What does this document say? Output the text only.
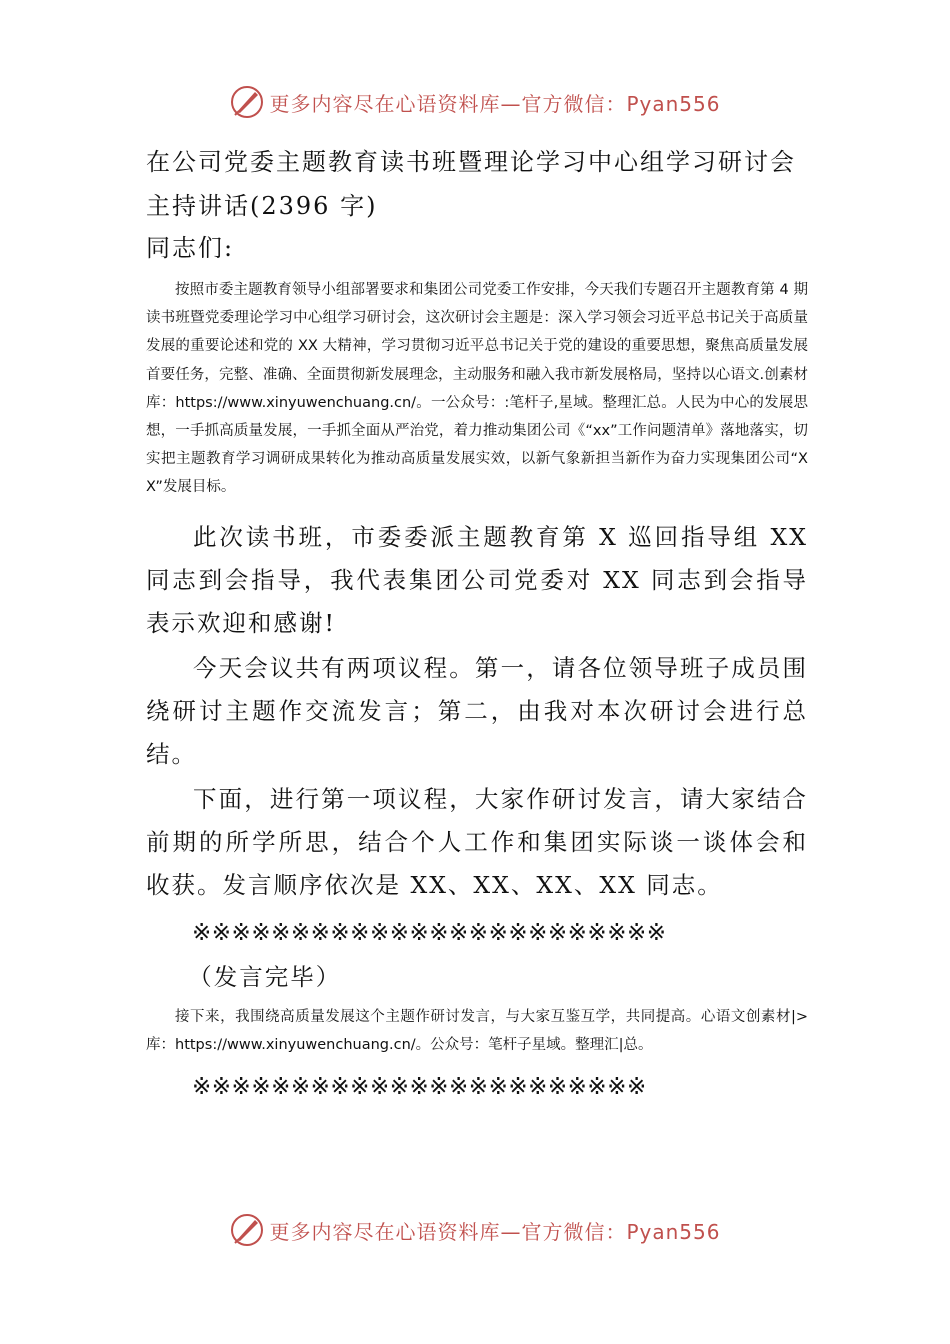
更多内容尽在心语资料库—官方微信：Pyan556
在公司党委主题教育读书班暨理论学习中心组学习研讨会
主持讲话(2396 字)
同志们:

按照市委主题教育领导小组部署要求和集团公司党委工作安排，今天我们专题召开主题教育第 4 期读书班暨党委理论学习中心组学习研讨会，这次研讨会主题是：深入学习领会习近平总书记关于高质量发展的重要论述和党的 XX 大精神，学习贯彻习近平总书记关于党的建设的重要思想，聚焦高质量发展首要任务，完整、准确、全面贯彻新发展理念，主动服务和融入我市新发展格局，坚持以心语文.创素材库：https://www.xinyuwenchuang.cn/。一公众号：:笔杆子,星域。整理汇总。人民为中心的发展思想，一手抓高质量发展，一手抓全面从严治党，着力推动集团公司《“xx”工作问题清单》落地落实，切实把主题教育学习调研成果转化为推动高质量发展实效，以新气象新担当新作为奋力实现集团公司“XX”发展目标。

此次读书班，市委委派主题教育第 X 巡回指导组 XX 同志到会指导，我代表集团公司党委对 XX 同志到会指导表示欢迎和感谢!

今天会议共有两项议程。第一，请各位领导班子成员围绕研讨主题作交流发言；第二，由我对本次研讨会进行总结。

下面，进行第一项议程，大家作研讨发言，请大家结合前期的所学所思，结合个人工作和集团实际谈一谈体会和收获。发言顺序依次是 XX、XX、XX、XX 同志。

※※※※※※※※※※※※※※※※※※※※※※※※
（发言完毕）

接下来，我围绕高质量发展这个主题作研讨发言，与大家互鉴互学，共同提高。心语文创素材|>库：https://www.xinyuwenchuang.cn/。公众号：笔杆子星域。整理汇|总。

※※※※※※※※※※※※※※※※※※※※※※※
更多内容尽在心语资料库—官方微信：Pyan556
